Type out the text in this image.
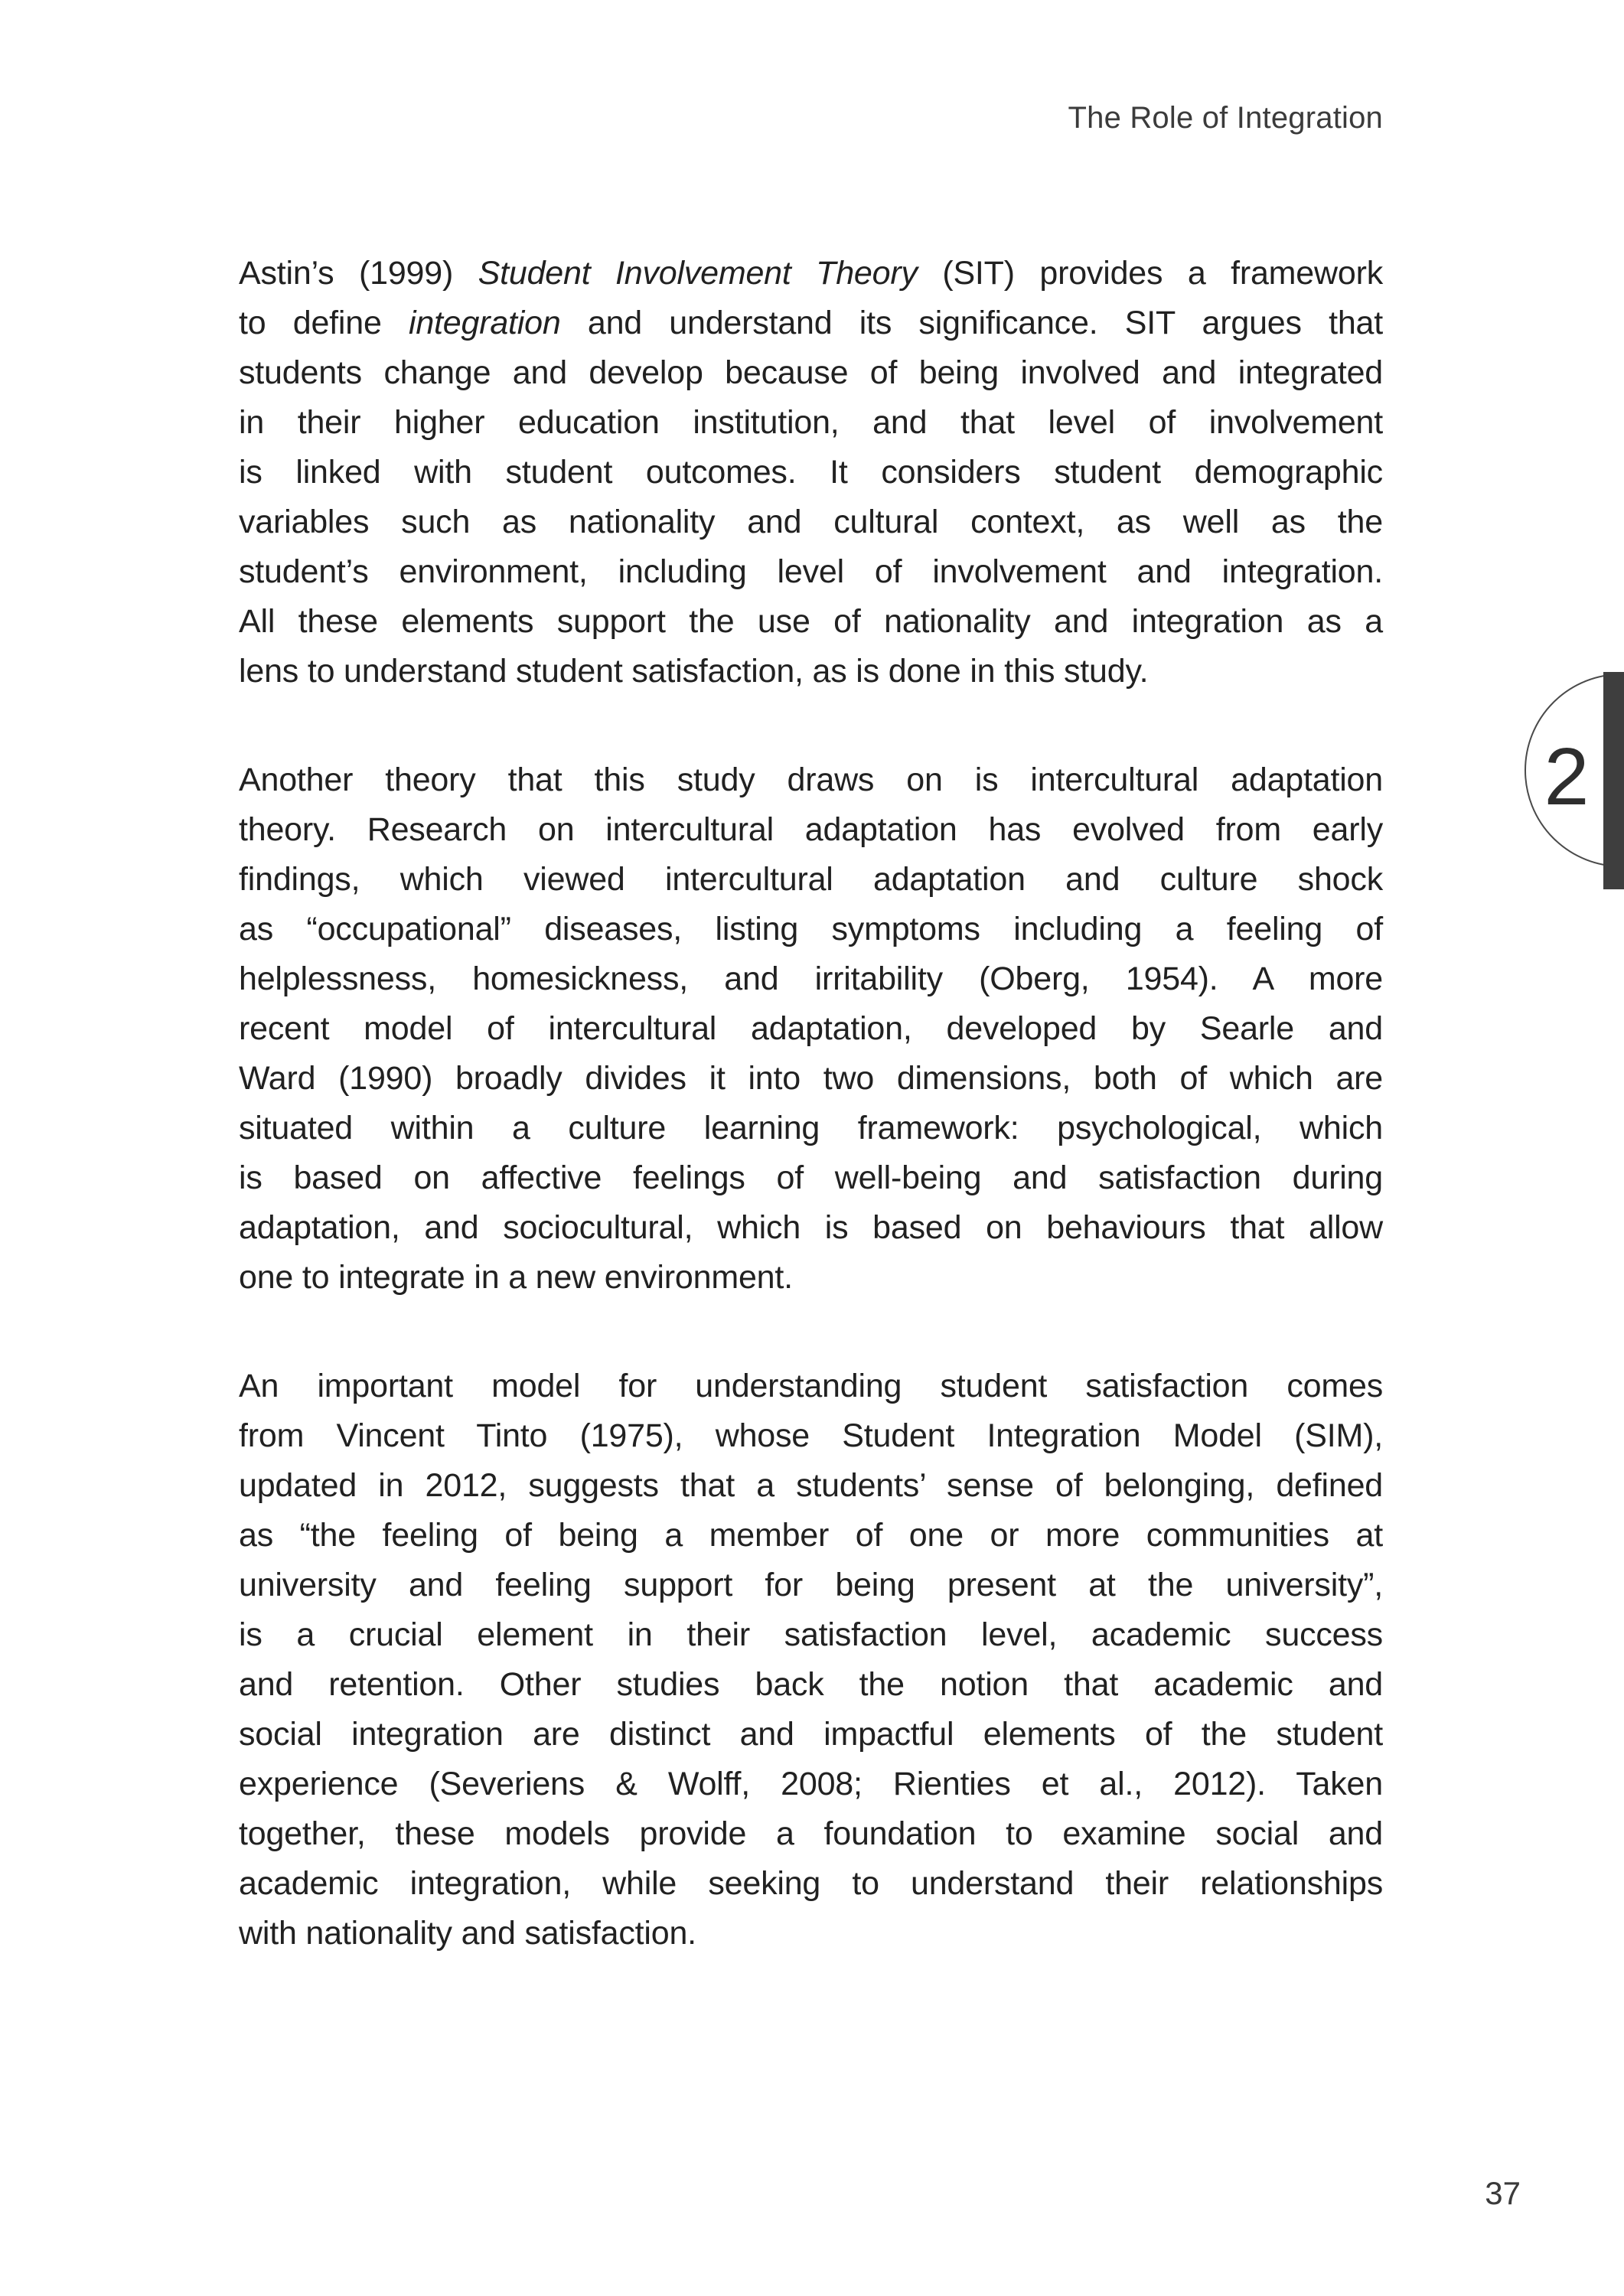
The Role of Integration
Astin’s (1999) Student Involvement Theory (SIT) provides a framework
to define integration and understand its significance. SIT argues that
students change and develop because of being involved and integrated
in their higher education institution, and that level of involvement
is linked with student outcomes. It considers student demographic
variables such as nationality and cultural context, as well as the
student’s environment, including level of involvement and integration.
All these elements support the use of nationality and integration as a
lens to understand student satisfaction, as is done in this study.
Another theory that this study draws on is intercultural adaptation
theory. Research on intercultural adaptation has evolved from early
findings, which viewed intercultural adaptation and culture shock
as “occupational” diseases, listing symptoms including a feeling of
helplessness, homesickness, and irritability (Oberg, 1954). A more
recent model of intercultural adaptation, developed by Searle and
Ward (1990) broadly divides it into two dimensions, both of which are
situated within a culture learning framework: psychological, which
is based on affective feelings of well-being and satisfaction during
adaptation, and sociocultural, which is based on behaviours that allow
one to integrate in a new environment.
An important model for understanding student satisfaction comes
from Vincent Tinto (1975), whose Student Integration Model (SIM),
updated in 2012, suggests that a students’ sense of belonging, defined
as “the feeling of being a member of one or more communities at
university and feeling support for being present at the university”,
is a crucial element in their satisfaction level, academic success
and retention. Other studies back the notion that academic and
social integration are distinct and impactful elements of the student
experience (Severiens & Wolff, 2008; Rienties et al., 2012). Taken
together, these models provide a foundation to examine social and
academic integration, while seeking to understand their relationships
with nationality and satisfaction.
2
37
